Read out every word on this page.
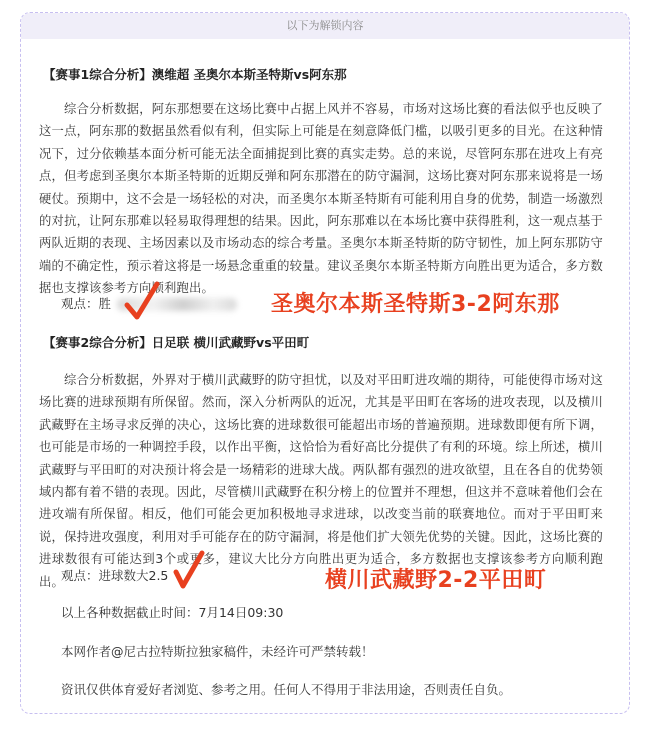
以下为解锁内容
【赛事1综合分析】澳维超 圣奥尔本斯圣特斯vs阿东那

综合分析数据，阿东那想要在这场比赛中占据上风并不容易，市场对这场比赛的看法似乎也反映了这一点，阿东那的数据虽然看似有利，但实际上可能是在刻意降低门槛，以吸引更多的目光。在这种情况下，过分依赖基本面分析可能无法全面捕捉到比赛的真实走势。总的来说，尽管阿东那在进攻上有亮点，但考虑到圣奥尔本斯圣特斯的近期反弹和阿东那潜在的防守漏洞，这场比赛对阿东那来说将是一场硬仗。预期中，这不会是一场轻松的对决，而圣奥尔本斯圣特斯有可能利用自身的优势，制造一场激烈的对抗，让阿东那难以轻易取得理想的结果。因此，阿东那难以在本场比赛中获得胜利，这一观点基于两队近期的表现、主场因素以及市场动态的综合考量。圣奥尔本斯圣特斯的防守韧性，加上阿东那防守端的不确定性，预示着这将是一场悬念重重的较量。建议圣奥尔本斯圣特斯方向胜出更为适合，多方数据也支撑该参考方向顺利跑出。

观点：胜	圣奥尔本斯圣特斯3-2阿东那
【赛事2综合分析】日足联 横川武藏野vs平田町

综合分析数据，外界对于横川武藏野的防守担忧，以及对平田町进攻端的期待，可能使得市场对这场比赛的进球预期有所保留。然而，深入分析两队的近况，尤其是平田町在客场的进攻表现，以及横川武藏野在主场寻求反弹的决心，这场比赛的进球数很可能超出市场的普遍预期。进球数即便有所下调，也可能是市场的一种调控手段，以作出平衡，这恰恰为看好高比分提供了有利的环境。综上所述，横川武藏野与平田町的对决预计将会是一场精彩的进球大战。两队都有强烈的进攻欲望，且在各自的优势领域内都有着不错的表现。因此，尽管横川武藏野在积分榜上的位置并不理想，但这并不意味着他们会在进攻端有所保留。相反，他们可能会更加积极地寻求进球，以改变当前的联赛地位。而对于平田町来说，保持进攻强度，利用对手可能存在的防守漏洞，将是他们扩大领先优势的关键。因此，这场比赛的进球数很有可能达到3个或更多，建议大比分方向胜出更为适合，多方数据也支撑该参考方向顺利跑出。

观点：进球数大2.5	横川武藏野2-2平田町
以上各种数据截止时间：7月14日09:30
本网作者@尼古拉特斯拉独家稿件，未经许可严禁转载！
资讯仅供体育爱好者浏览、参考之用。任何人不得用于非法用途，否则责任自负。
